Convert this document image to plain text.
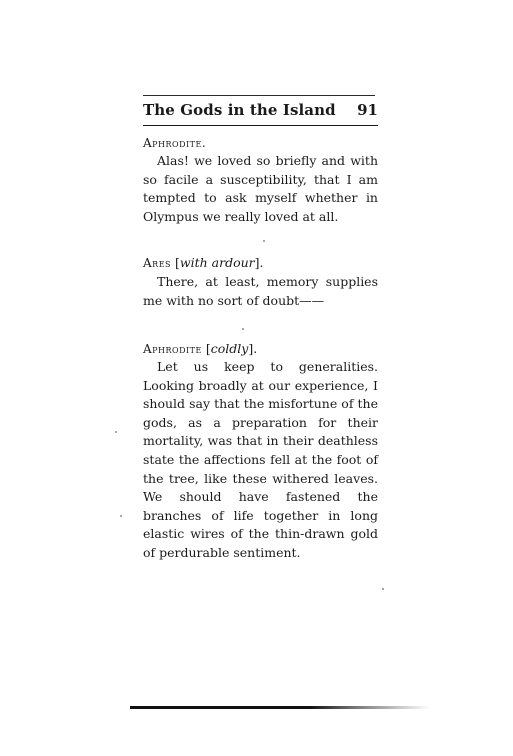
The Gods in the Island 91

Aphrodite.

Alas! we loved so briefly and with so facile a susceptibility, that I am tempted to ask myself whether in Olympus we really loved at all.

Ares [with ardour].

There, at least, memory supplies me with no sort of doubt——

Aphrodite [coldly].

Let us keep to generalities. Looking broadly at our experience, I should say that the misfortune of the gods, as a preparation for their mortality, was that in their deathless state the affections fell at the foot of the tree, like these withered leaves. We should have fastened the branches of life together in long elastic wires of the thin-drawn gold of perdurable sentiment.
